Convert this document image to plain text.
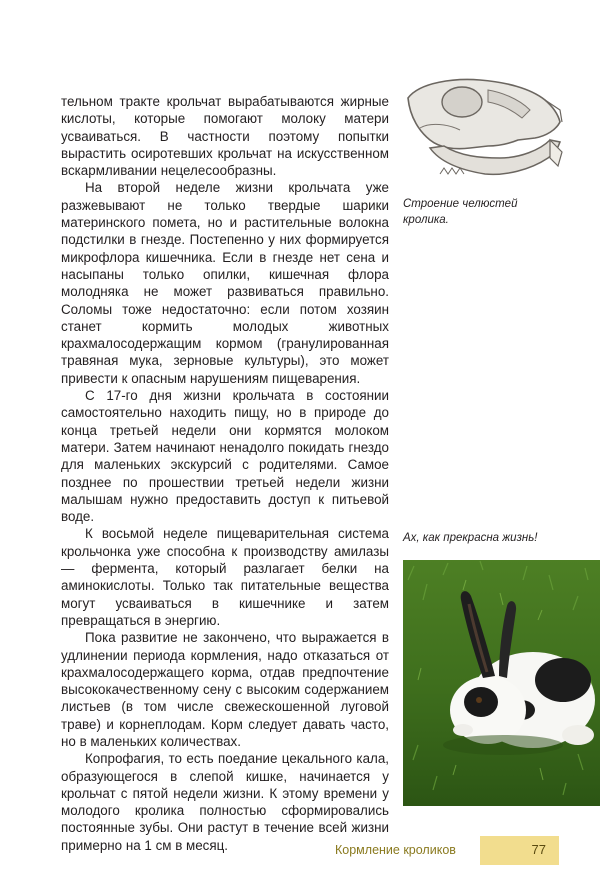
тельном тракте крольчат вырабатываются жирные кислоты, которые помогают молоку матери усваиваться. В частности поэтому попытки вырастить осиротевших крольчат на искусственном вскармливании нецелесообразны.

На второй неделе жизни крольчата уже разжевывают не только твердые шарики материнского помета, но и растительные волокна подстилки в гнезде. Постепенно у них формируется микрофлора кишечника. Если в гнезде нет сена и насыпаны только опилки, кишечная флора молодняка не может развиваться правильно. Соломы тоже недостаточно: если потом хозяин станет кормить молодых животных крахмалосодержащим кормом (гранулированная травяная мука, зерновые культуры), это может привести к опасным нарушениям пищеварения.

С 17-го дня жизни крольчата в состоянии самостоятельно находить пищу, но в природе до конца третьей недели они кормятся молоком матери. Затем начинают ненадолго покидать гнездо для маленьких экскурсий с родителями. Самое позднее по прошествии третьей недели жизни малышам нужно предоставить доступ к питьевой воде.

К восьмой неделе пищеварительная система крольчонка уже способна к производству амилазы — фермента, который разлагает белки на аминокислоты. Только так питательные вещества могут усваиваться в кишечнике и затем превращаться в энергию.

Пока развитие не закончено, что выражается в удлинении периода кормления, надо отказаться от крахмалосодержащего корма, отдав предпочтение высококачественному сену с высоким содержанием листьев (в том числе свежескошенной луговой траве) и корнеплодам. Корм следует давать часто, но в маленьких количествах.

Копрофагия, то есть поедание цекального кала, образующегося в слепой кишке, начинается у крольчат с пятой недели жизни. К этому времени у молодого кролика полностью сформировались постоянные зубы. Они растут в течение всей жизни примерно на 1 см в месяц.

Строение челюстей кролика.
Ах, как прекрасна жизнь!
Кормление кроликов	77
